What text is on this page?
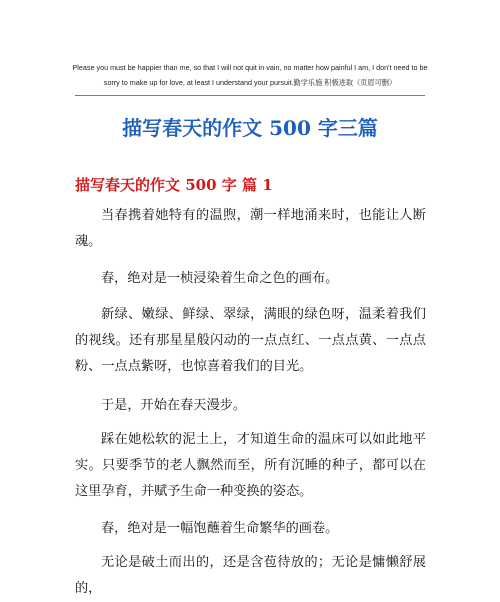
Please you must be happier than me, so that I will not quit in vain, no matter how painful I am, I don't need to be sorry to make up for love, at least I understand your pursuit.勤学乐施 积极进取（页眉可删）
描写春天的作文 500 字三篇
描写春天的作文 500 字 篇 1
当春携着她特有的温煦，潮一样地涌来时，也能让人断魂。
春，绝对是一桢浸染着生命之色的画布。
新绿、嫩绿、鲜绿、翠绿，满眼的绿色呀，温柔着我们的视线。还有那星星般闪动的一点点红、一点点黄、一点点粉、一点点紫呀，也惊喜着我们的目光。
于是，开始在春天漫步。
踩在她松软的泥土上，才知道生命的温床可以如此地平实。只要季节的老人飘然而至，所有沉睡的种子，都可以在这里孕育，并赋予生命一种变换的姿态。
春，绝对是一幅饱蘸着生命繁华的画卷。
无论是破土而出的，还是含苞待放的；无论是慵懒舒展的，
